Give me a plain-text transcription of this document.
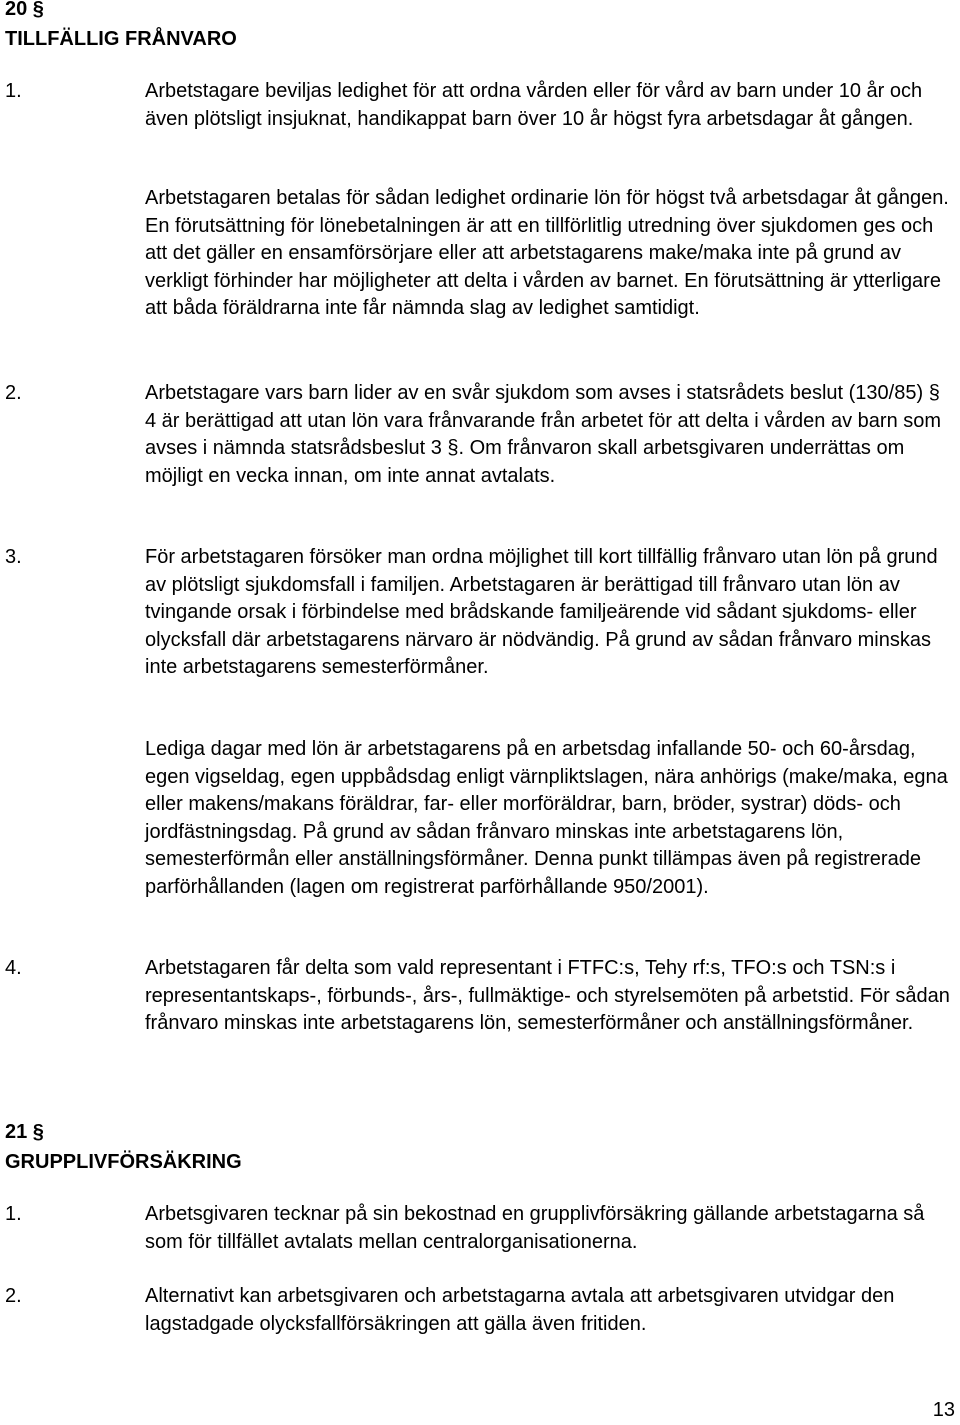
20 §
TILLFÄLLIG FRÅNVARO
1.	Arbetstagare beviljas ledighet för att ordna vården eller för vård av barn under 10 år och även plötsligt insjuknat, handikappat barn över 10 år högst fyra arbetsdagar åt gången.
Arbetstagaren betalas för sådan ledighet ordinarie lön för högst två arbetsdagar åt gången. En förutsättning för lönebetalningen är att en tillförlitlig utredning över sjukdomen ges och att det gäller en ensamförsörjare eller att arbetstagarens make/maka inte på grund av verkligt förhinder har möjligheter att delta i vården av barnet. En förutsättning är ytterligare att båda föräldrarna inte får nämnda slag av ledighet samtidigt.
2.	Arbetstagare vars barn lider av en svår sjukdom som avses i statsrådets beslut (130/85) § 4 är berättigad att utan lön vara frånvarande från arbetet för att delta i vården av barn som avses i nämnda statsrådsbeslut 3 §. Om frånvaron skall arbetsgivaren underrättas om möjligt en vecka innan, om inte annat avtalats.
3.	För arbetstagaren försöker man ordna möjlighet till kort tillfällig frånvaro utan lön på grund av plötsligt sjukdomsfall i familjen. Arbetstagaren är berättigad till frånvaro utan lön av tvingande orsak i förbindelse med brådskande familjeärende vid sådant sjukdoms- eller olycksfall där arbetstagarens närvaro är nödvändig. På grund av sådan frånvaro minskas inte arbetstagarens semesterförmåner.
Lediga dagar med lön är arbetstagarens på en arbetsdag infallande 50- och 60-årsdag, egen vigseldag, egen uppbådsdag enligt värnpliktslagen, nära anhörigs (make/maka, egna eller makens/makans föräldrar, far- eller morföräldrar, barn, bröder, systrar) döds- och jordfästningsdag. På grund av sådan frånvaro minskas inte arbetstagarens lön, semesterförmån eller anställningsförmåner. Denna punkt tillämpas även på registrerade parförhållanden (lagen om registrerat parförhållande 950/2001).
4.	Arbetstagaren får delta som vald representant i FTFC:s, Tehy rf:s, TFO:s och TSN:s i representantskaps-, förbunds-, års-, fullmäktige- och styrelsemöten på arbetstid. För sådan frånvaro minskas inte arbetstagarens lön, semesterförmåner och anställningsförmåner.
21 §
GRUPPLIVFÖRSÄKRING
1.	Arbetsgivaren tecknar på sin bekostnad en grupplivförsäkring gällande arbetstagarna så som för tillfället avtalats mellan centralorganisationerna.
2.	Alternativt kan arbetsgivaren och arbetstagarna avtala att arbetsgivaren utvidgar den lagstadgade olycksfallförsäkringen att gälla även fritiden.
13
